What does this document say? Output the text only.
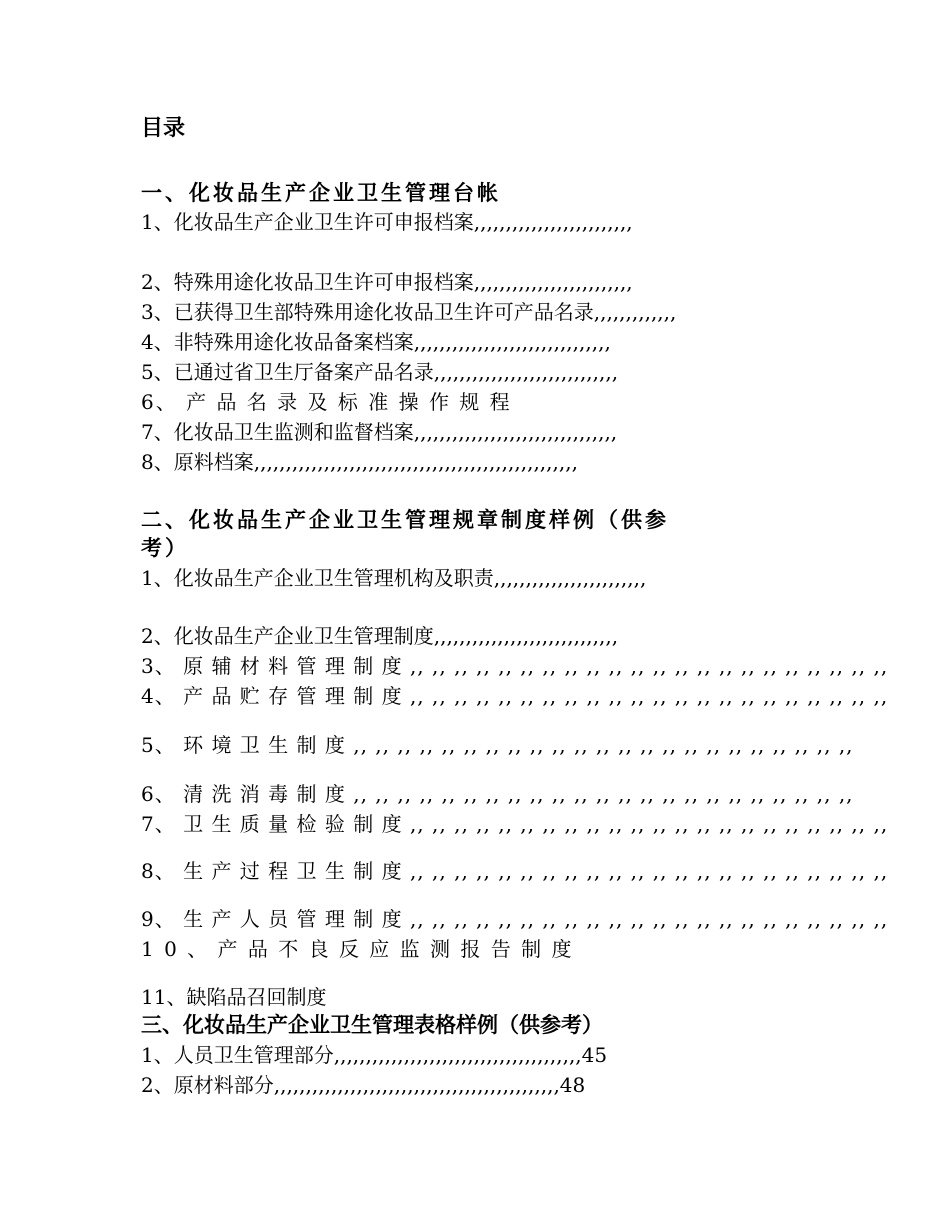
目录
一、化妆品生产企业卫生管理台帐
1、化妆品生产企业卫生许可申报档案,,,,,,,,,,,,,,,,,,,,,,,,,
2、特殊用途化妆品卫生许可申报档案,,,,,,,,,,,,,,,,,,,,,,,,,
3、已获得卫生部特殊用途化妆品卫生许可产品名录,,,,,,,,,,,,,
4、非特殊用途化妆品备案档案,,,,,,,,,,,,,,,,,,,,,,,,,,,,,,,
5、已通过省卫生厅备案产品名录,,,,,,,,,,,,,,,,,,,,,,,,,,,,,
6、 产 品 名 录 及 标 准 操 作 规 程
7、化妆品卫生监测和监督档案,,,,,,,,,,,,,,,,,,,,,,,,,,,,,,,,
8、原料档案,,,,,,,,,,,,,,,,,,,,,,,,,,,,,,,,,,,,,,,,,,,,,,,,,,,
二、化妆品生产企业卫生管理规章制度样例（供参
考）
1、化妆品生产企业卫生管理机构及职责,,,,,,,,,,,,,,,,,,,,,,,,
2、化妆品生产企业卫生管理制度,,,,,,,,,,,,,,,,,,,,,,,,,,,,,
3、 原 辅 材 料 管 理 制 度 ,, ,, ,, ,, ,, ,, ,, ,, ,, ,, ,, ,, ,, ,, ,, ,, ,, ,, ,, ,, ,, ,,
4、 产 品 贮 存 管 理 制 度 ,, ,, ,, ,, ,, ,, ,, ,, ,, ,, ,, ,, ,, ,, ,, ,, ,, ,, ,, ,, ,, ,,
5、 环 境 卫 生 制 度 ,, ,, ,, ,, ,, ,, ,, ,, ,, ,, ,, ,, ,, ,, ,, ,, ,, ,, ,, ,, ,, ,, ,,
6、 清 洗 消 毒 制 度 ,, ,, ,, ,, ,, ,, ,, ,, ,, ,, ,, ,, ,, ,, ,, ,, ,, ,, ,, ,, ,, ,, ,,
7、 卫 生 质 量 检 验 制 度 ,, ,, ,, ,, ,, ,, ,, ,, ,, ,, ,, ,, ,, ,, ,, ,, ,, ,, ,, ,, ,, ,,
8、 生 产 过 程 卫 生 制 度 ,, ,, ,, ,, ,, ,, ,, ,, ,, ,, ,, ,, ,, ,, ,, ,, ,, ,, ,, ,, ,, ,,
9、 生 产 人 员 管 理 制 度 ,, ,, ,, ,, ,, ,, ,, ,, ,, ,, ,, ,, ,, ,, ,, ,, ,, ,, ,, ,, ,, ,,
1 0 、 产 品 不 良 反 应 监 测 报 告 制 度
11、缺陷品召回制度
三、化妆品生产企业卫生管理表格样例（供参考）
1、人员卫生管理部分,,,,,,,,,,,,,,,,,,,,,,,,,,,,,,,,,,,,,,,45
2、原材料部分,,,,,,,,,,,,,,,,,,,,,,,,,,,,,,,,,,,,,,,,,,,,,48
